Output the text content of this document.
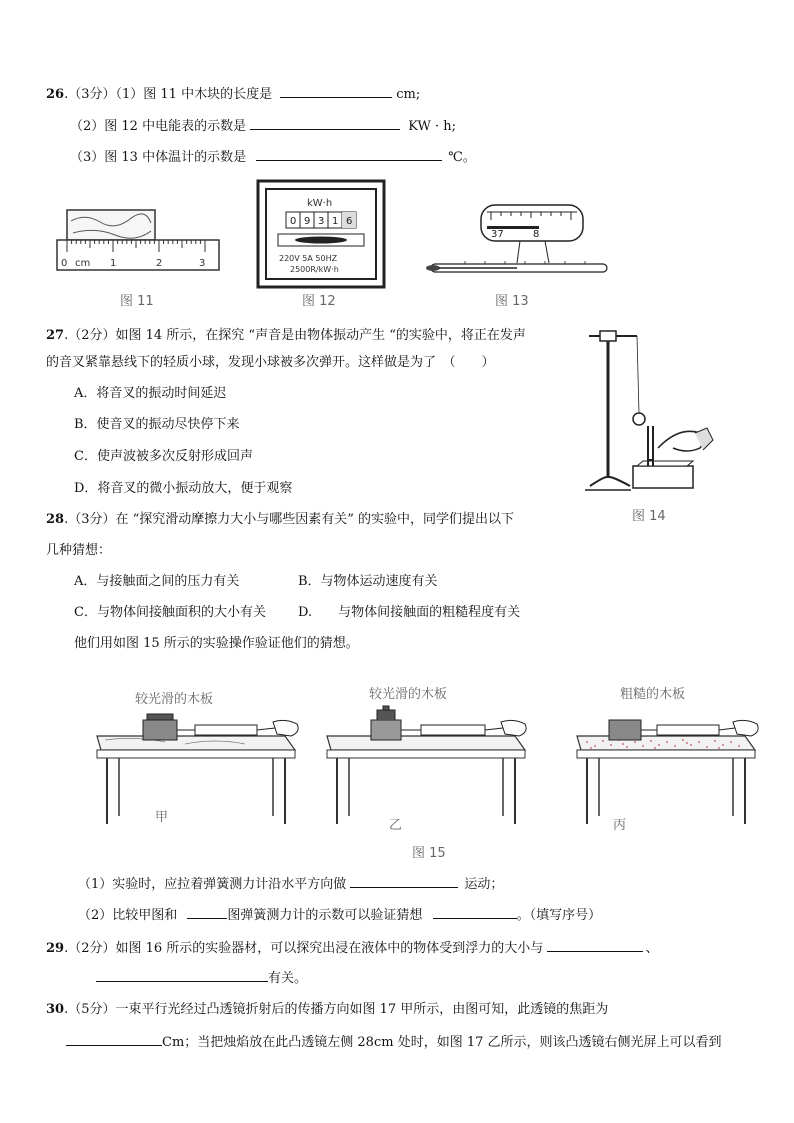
26.（3分）（1）图 11 中木块的长度是	cm;
（2）图 12 中电能表的示数是	KW · h;
（3）图 13 中体温计的示数是	℃。
0 cm 1	2	3
图 11
kW·h
0 9 3 1 6
220V 5A 50HZ
2500R/kW·h
图 12
37	8
图 13
27.（2分）如图 14 所示，在探究 “声音是由物体振动产生 “的实验中，将正在发声
的音叉紧靠悬线下的轻质小球，发现小球被多次弹开。这样做是为了　（　　）
A．将音叉的振动时间延迟
B．使音叉的振动尽快停下来
C．使声波被多次反射形成回声
D．将音叉的微小振动放大，便于观察
图 14
28.（3分）在 “探究滑动摩擦力大小与哪些因素有关” 的实验中，同学们提出以下
几种猜想：
A．与接触面之间的压力有关	B．与物体运动速度有关
C．与物体间接触面积的大小有关 D.　　与物体间接触面的粗糙程度有关
他们用如图 15 所示的实验操作验证他们的猜想。
较光滑的木板
甲
较光滑的木板
乙
粗糙的木板
丙
图 15
（1）实验时，应拉着弹簧测力计沿水平方向做	运动；
（2）比较甲图和	图弹簧测力计的示数可以验证猜想	。（填写序号）
29.（2分）如图 16 所示的实验器材，可以探究出浸在液体中的物体受到浮力的大小与	、
有关。
30.（5分）一束平行光经过凸透镜折射后的传播方向如图 17 甲所示，由图可知，此透镜的焦距为
Cm；当把烛焰放在此凸透镜左侧 28cm 处时，如图 17 乙所示，则该凸透镜右侧光屏上可以看到
